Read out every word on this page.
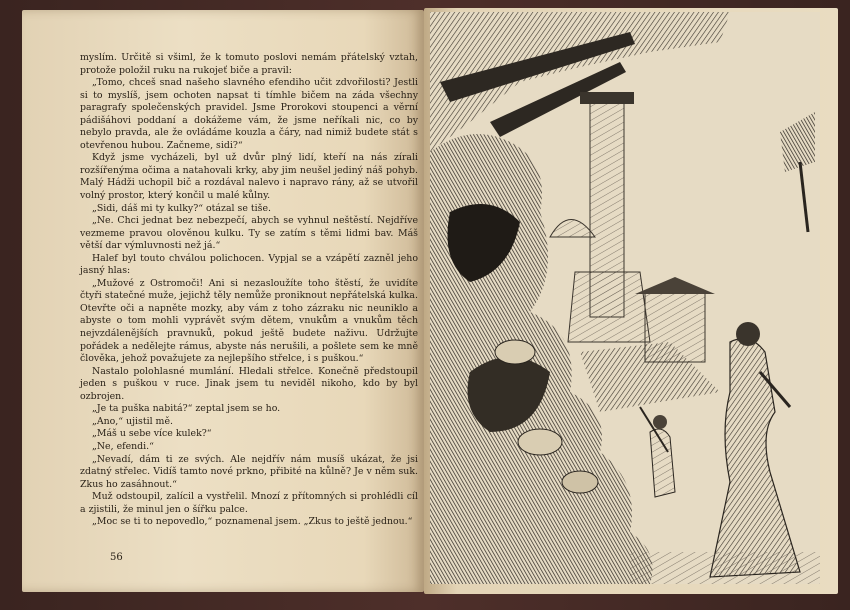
myslím. Určitě si všiml, že k tomuto poslovi nemám přátelský vztah, protože položil ruku na rukojeť biče a pravil:

„Tomo, chceš snad našeho slavného efendiho učit zdvořilosti? Jestli si to myslíš, jsem ochoten napsat ti tímhle bičem na záda všechny paragrafy společenských pravidel. Jsme Prorokovi stoupenci a věrní pádišáhovi poddaní a dokážeme vám, že jsme neříkali nic, co by nebylo pravda, ale že ovládáme kouzla a čáry, nad nimiž budete stát s otevřenou hubou. Začneme, sidi?“

Když jsme vycházeli, byl už dvůr plný lidí, kteří na nás zírali rozšířenýma očima a natahovali krky, aby jim neušel jediný náš pohyb. Malý Hádži uchopil bič a rozdával nalevo i napravo rány, až se utvořil volný prostor, který končil u malé kůlny.

„Sidi, dáš mi ty kulky?“ otázal se tiše.

„Ne. Chci jednat bez nebezpečí, abych se vyhnul neštěstí. Nejdříve vezmeme pravou olověnou kulku. Ty se zatím s těmi lidmi bav. Máš větší dar výmluvnosti než já.“

Halef byl touto chválou polichocen. Vypjal se a vzápětí zazněl jeho jasný hlas:

„Mužové z Ostromoči! Ani si nezasloužíte toho štěstí, že uvidíte čtyři statečné muže, jejichž těly nemůže proniknout nepřátelská kulka. Otevřte oči a napněte mozky, aby vám z toho zázraku nic neuniklo a abyste o tom mohli vyprávět svým dětem, vnukům a vnukům těch nejvzdálenějších pravnuků, pokud ještě budete naživu. Udržujte pořádek a nedělejte rámus, abyste nás nerušili, a pošlete sem ke mně člověka, jehož považujete za nejlepšího střelce, i s puškou.“

Nastalo polohlasné mumlání. Hledali střelce. Konečně předstoupil jeden s puškou v ruce. Jinak jsem tu neviděl nikoho, kdo by byl ozbrojen.

„Je ta puška nabitá?“ zeptal jsem se ho.

„Ano,“ ujistil mě.

„Máš u sebe více kulek?“

„Ne, efendi.“

„Nevadí, dám ti ze svých. Ale nejdřív nám musíš ukázat, že jsi zdatný střelec. Vidíš tamto nové prkno, přibité na kůlně? Je v něm suk. Zkus ho zasáhnout.“

Muž odstoupil, zalícil a vystřelil. Mnozí z přítomných si prohlédli cíl a zjistili, že minul jen o šířku palce.

„Moc se ti to nepovedlo,“ poznamenal jsem. „Zkus to ještě jednou.“

56
